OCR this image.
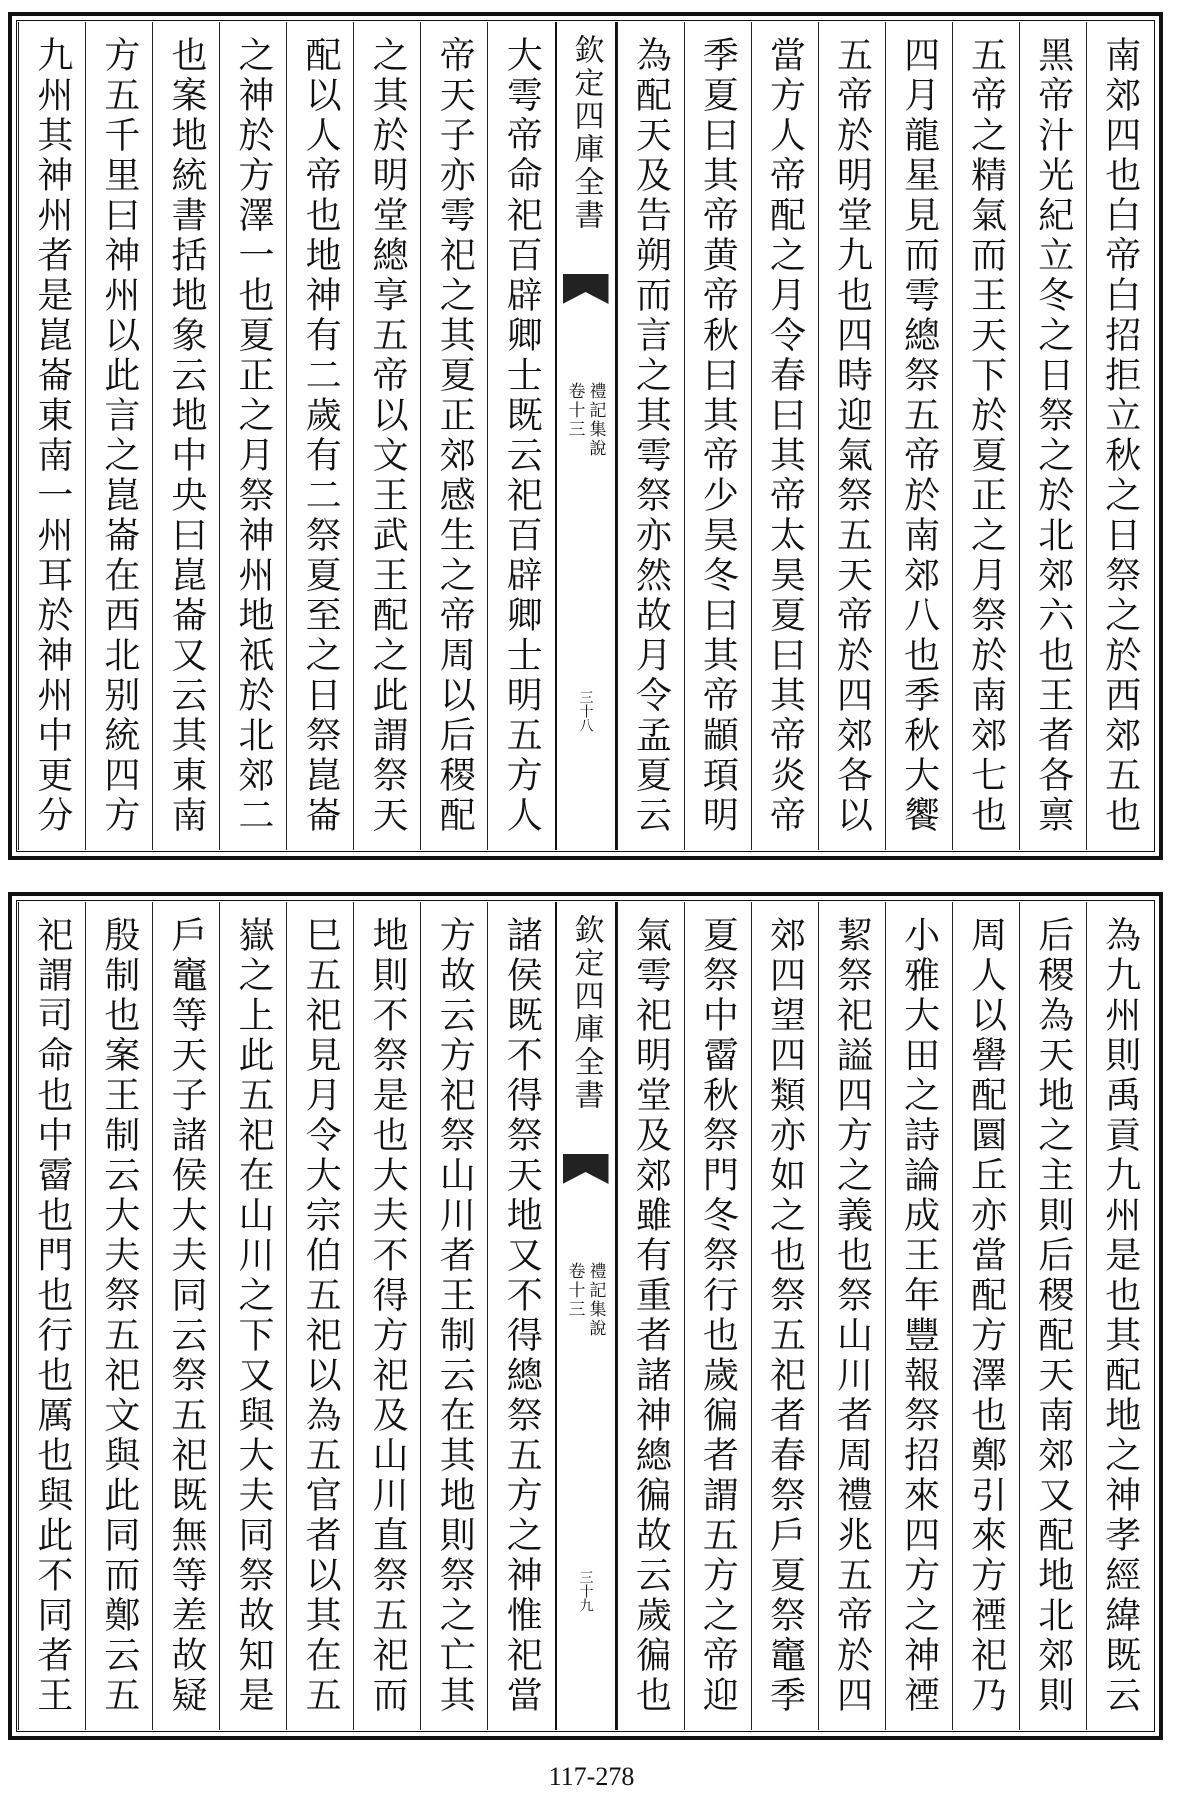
南郊四也白帝白招拒立秋之日祭之於西郊五也
黑帝汁光紀立冬之日祭之於北郊六也王者各禀
五帝之精氣而王天下於夏正之月祭於南郊七也
四月龍星見而雩總祭五帝於南郊八也季秋大饗
五帝於明堂九也四時迎氣祭五天帝於四郊各以
當方人帝配之月令春曰其帝太昊夏曰其帝炎帝
季夏曰其帝黄帝秋曰其帝少昊冬曰其帝顓頊明
為配天及告朔而言之其雩祭亦然故月令孟夏云
欽定四庫全書
禮記集說
卷十三
三十八
大雩帝命祀百辟卿士既云祀百辟卿士明五方人
帝天子亦雩祀之其夏正郊感生之帝周以后稷配
之其於明堂總享五帝以文王武王配之此謂祭天
配以人帝也地神有二歲有二祭夏至之日祭崑崙
之神於方澤一也夏正之月祭神州地祇於北郊二
也案地統書括地象云地中央曰崑崙又云其東南
方五千里曰神州以此言之崑崙在西北别統四方
九州其神州者是崑崙東南一州耳於神州中更分
為九州則禹貢九州是也其配地之神孝經緯既云
后稷為天地之主則后稷配天南郊又配地北郊則
周人以嚳配圜丘亦當配方澤也鄭引來方禋祀乃
小雅大田之詩論成王年豐報祭招來四方之神禋
絜祭祀謚四方之義也祭山川者周禮兆五帝於四
郊四望四類亦如之也祭五祀者春祭戶夏祭竈季
夏祭中霤秋祭門冬祭行也歲徧者謂五方之帝迎
氣雩祀明堂及郊雖有重者諸神總徧故云歲徧也
欽定四庫全書
禮記集說
卷十三
三十九
諸侯既不得祭天地又不得總祭五方之神惟祀當
方故云方祀祭山川者王制云在其地則祭之亡其
地則不祭是也大夫不得方祀及山川直祭五祀而
巳五祀見月令大宗伯五祀以為五官者以其在五
嶽之上此五祀在山川之下又與大夫同祭故知是
戶竈等天子諸侯大夫同云祭五祀既無等差故疑
殷制也案王制云大夫祭五祀文與此同而鄭云五
祀謂司命也中霤也門也行也厲也與此不同者王
117-278
